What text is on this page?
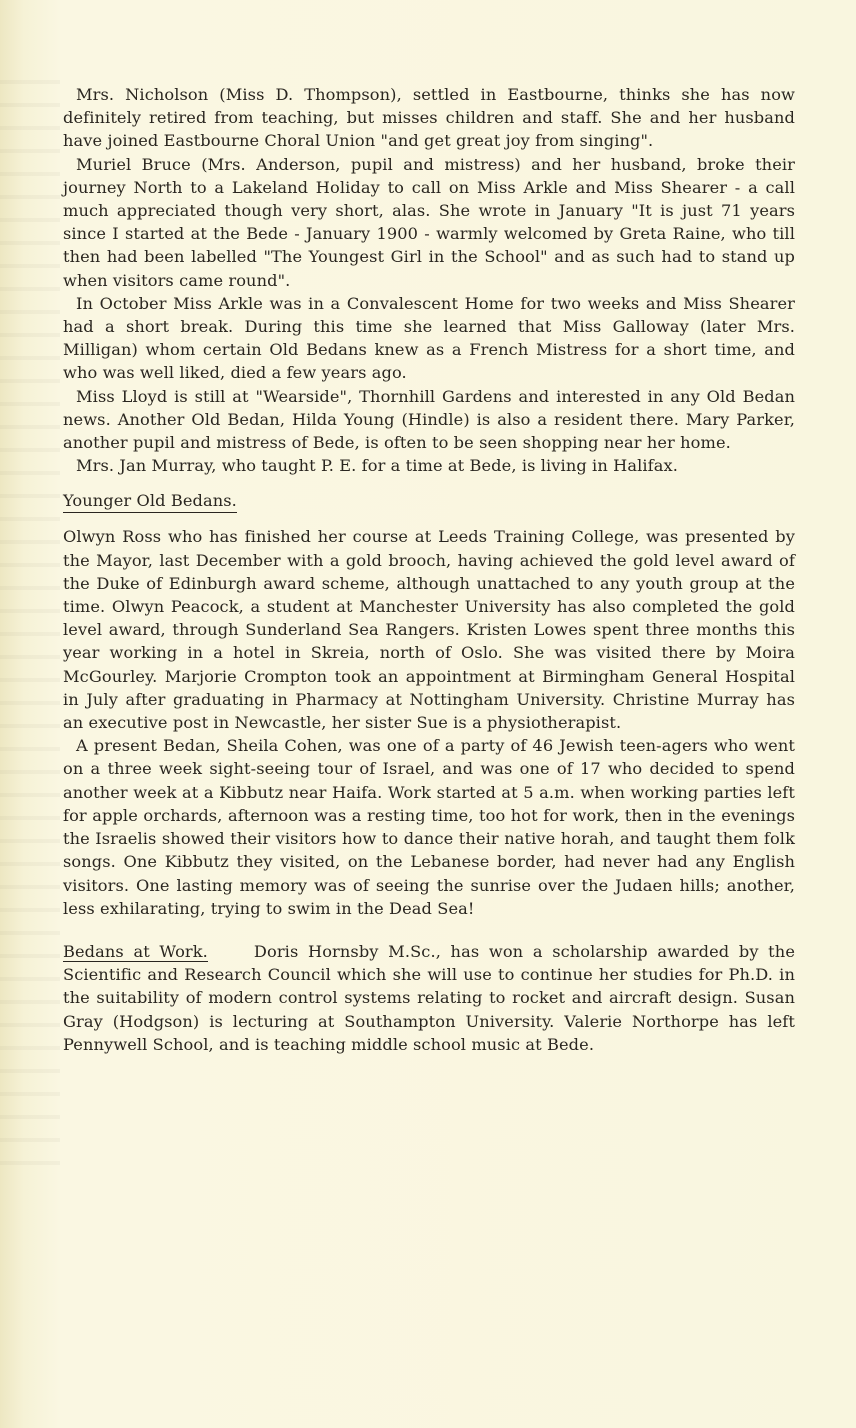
Mrs. Nicholson (Miss D. Thompson), settled in Eastbourne, thinks she has now definitely retired from teaching, but misses children and staff. She and her husband have joined Eastbourne Choral Union "and get great joy from singing".

Muriel Bruce (Mrs. Anderson, pupil and mistress) and her husband, broke their journey North to a Lakeland Holiday to call on Miss Arkle and Miss Shearer - a call much appreciated though very short, alas. She wrote in January "It is just 71 years since I started at the Bede - January 1900 - warmly welcomed by Greta Raine, who till then had been labelled "The Youngest Girl in the School" and as such had to stand up when visitors came round".

In October Miss Arkle was in a Convalescent Home for two weeks and Miss Shearer had a short break. During this time she learned that Miss Galloway (later Mrs. Milligan) whom certain Old Bedans knew as a French Mistress for a short time, and who was well liked, died a few years ago.

Miss Lloyd is still at "Wearside", Thornhill Gardens and interested in any Old Bedan news. Another Old Bedan, Hilda Young (Hindle) is also a resident there. Mary Parker, another pupil and mistress of Bede, is often to be seen shopping near her home.

Mrs. Jan Murray, who taught P. E. for a time at Bede, is living in Halifax.

Younger Old Bedans.

Olwyn Ross who has finished her course at Leeds Training College, was presented by the Mayor, last December with a gold brooch, having achieved the gold level award of the Duke of Edinburgh award scheme, although unattached to any youth group at the time. Olwyn Peacock, a student at Manchester University has also completed the gold level award, through Sunderland Sea Rangers. Kristen Lowes spent three months this year working in a hotel in Skreia, north of Oslo. She was visited there by Moira McGourley. Marjorie Crompton took an appointment at Birmingham General Hospital in July after graduating in Pharmacy at Nottingham University. Christine Murray has an executive post in Newcastle, her sister Sue is a physiotherapist.

A present Bedan, Sheila Cohen, was one of a party of 46 Jewish teen-agers who went on a three week sight-seeing tour of Israel, and was one of 17 who decided to spend another week at a Kibbutz near Haifa. Work started at 5 a.m. when working parties left for apple orchards, afternoon was a resting time, too hot for work, then in the evenings the Israelis showed their visitors how to dance their native horah, and taught them folk songs. One Kibbutz they visited, on the Lebanese border, had never had any English visitors. One lasting memory was of seeing the sunrise over the Judaen hills; another, less exhilarating, trying to swim in the Dead Sea!

Bedans at Work.	Doris Hornsby M.Sc., has won a scholarship awarded by the Scientific and Research Council which she will use to continue her studies for Ph.D. in the suitability of modern control systems relating to rocket and aircraft design. Susan Gray (Hodgson) is lecturing at Southampton University. Valerie Northorpe has left Pennywell School, and is teaching middle school music at Bede.
